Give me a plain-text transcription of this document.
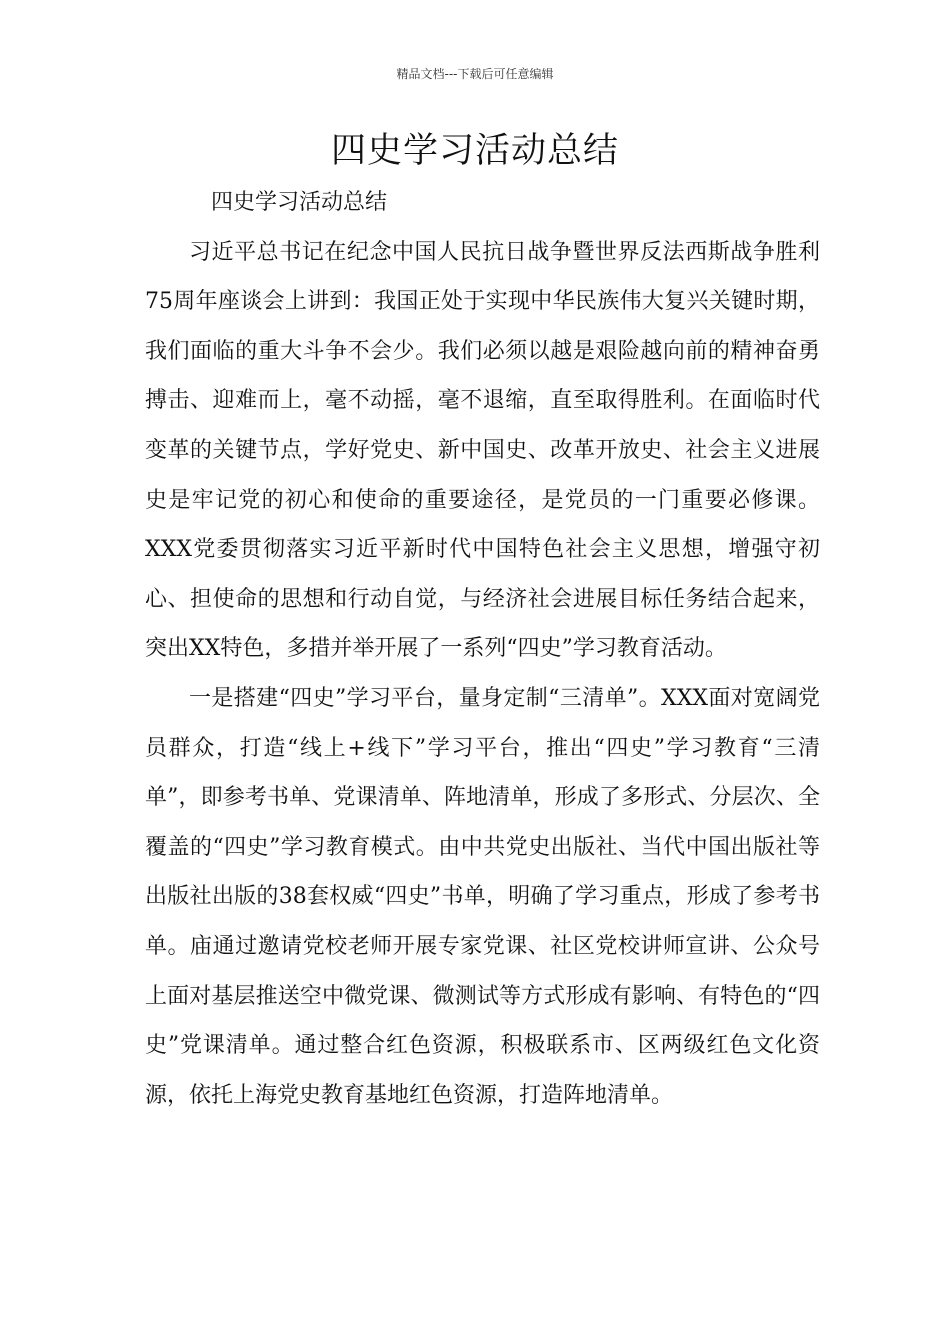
精品文档---下载后可任意编辑
四史学习活动总结

四史学习活动总结

习近平总书记在纪念中国人民抗日战争暨世界反法西斯战争胜利75周年座谈会上讲到：我国正处于实现中华民族伟大复兴关键时期，我们面临的重大斗争不会少。我们必须以越是艰险越向前的精神奋勇搏击、迎难而上，毫不动摇，毫不退缩，直至取得胜利。在面临时代变革的关键节点，学好党史、新中国史、改革开放史、社会主义进展史是牢记党的初心和使命的重要途径，是党员的一门重要必修课。XXX党委贯彻落实习近平新时代中国特色社会主义思想，增强守初心、担使命的思想和行动自觉，与经济社会进展目标任务结合起来，突出XX特色，多措并举开展了一系列“四史”学习教育活动。

一是搭建“四史”学习平台，量身定制“三清单”。XXX面对宽阔党员群众，打造“线上+线下”学习平台，推出“四史”学习教育“三清单”，即参考书单、党课清单、阵地清单，形成了多形式、分层次、全覆盖的“四史”学习教育模式。由中共党史出版社、当代中国出版社等出版社出版的38套权威“四史”书单，明确了学习重点，形成了参考书单。庙通过邀请党校老师开展专家党课、社区党校讲师宣讲、公众号上面对基层推送空中微党课、微测试等方式形成有影响、有特色的“四史”党课清单。通过整合红色资源，积极联系市、区两级红色文化资源，依托上海党史教育基地红色资源，打造阵地清单。
